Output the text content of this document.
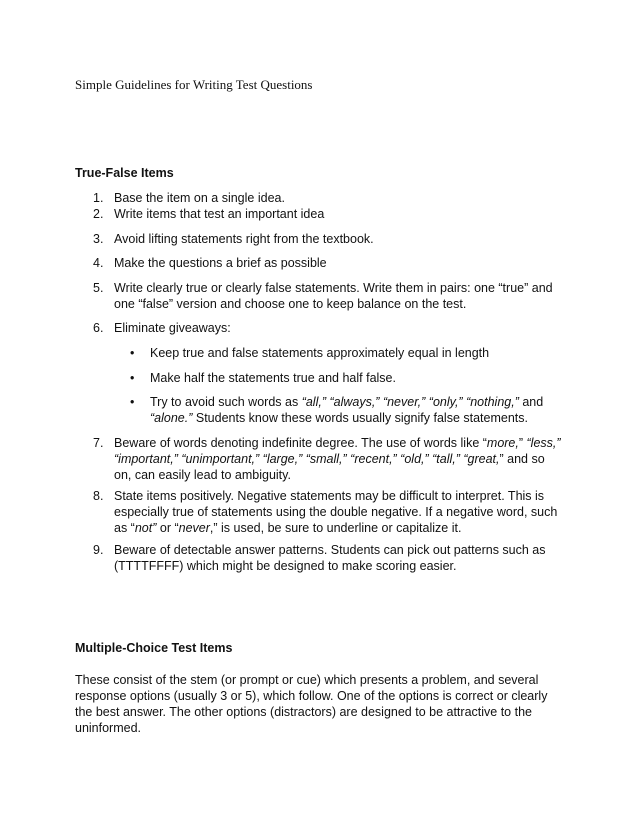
Simple Guidelines for Writing Test Questions
True-False Items
1. Base the item on a single idea.
2. Write items that test an important idea
3. Avoid lifting statements right from the textbook.
4. Make the questions a brief as possible
5. Write clearly true or clearly false statements. Write them in pairs: one “true” and one “false” version and choose one to keep balance on the test.
6. Eliminate giveaways:
• Keep true and false statements approximately equal in length
• Make half the statements true and half false.
• Try to avoid such words as “all,” “always,” “never,” “only,” “nothing,” and “alone.” Students know these words usually signify false statements.
7. Beware of words denoting indefinite degree. The use of words like “more,” “less,” “important,” “unimportant,” “large,” “small,” “recent,” “old,” “tall,” “great,” and so on, can easily lead to ambiguity.
8. State items positively. Negative statements may be difficult to interpret. This is especially true of statements using the double negative. If a negative word, such as “not” or “never,” is used, be sure to underline or capitalize it.
9. Beware of detectable answer patterns. Students can pick out patterns such as (TTTTFFFF) which might be designed to make scoring easier.
Multiple-Choice Test Items
These consist of the stem (or prompt or cue) which presents a problem, and several response options (usually 3 or 5), which follow. One of the options is correct or clearly the best answer. The other options (distractors) are designed to be attractive to the uninformed.
